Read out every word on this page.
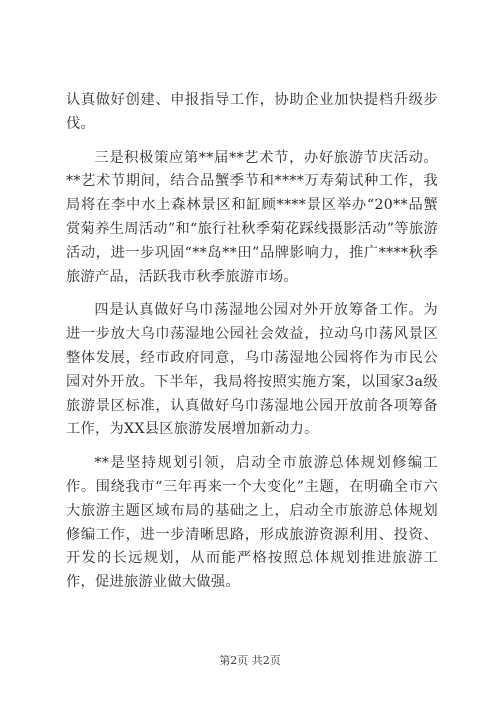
认真做好创建、申报指导工作，协助企业加快提档升级步伐。

三是积极策应第**届**艺术节，办好旅游节庆活动。**艺术节期间，结合品蟹季节和****万寿菊试种工作，我局将在李中水上森林景区和缸顾****景区举办“20**品蟹赏菊养生周活动”和“旅行社秋季菊花踩线摄影活动”等旅游活动，进一步巩固“**岛**田”品牌影响力，推广****秋季旅游产品，活跃我市秋季旅游市场。

四是认真做好乌巾荡湿地公园对外开放筹备工作。为进一步放大乌巾荡湿地公园社会效益，拉动乌巾荡风景区整体发展，经市政府同意，乌巾荡湿地公园将作为市民公园对外开放。下半年，我局将按照实施方案，以国家3a级旅游景区标准，认真做好乌巾荡湿地公园开放前各项筹备工作，为XX县区旅游发展增加新动力。

**是坚持规划引领，启动全市旅游总体规划修编工作。围绕我市“三年再来一个大变化”主题，在明确全市六大旅游主题区域布局的基础之上，启动全市旅游总体规划修编工作，进一步清晰思路，形成旅游资源利用、投资、开发的长远规划，从而能严格按照总体规划推进旅游工作，促进旅游业做大做强。

第2页 共2页
